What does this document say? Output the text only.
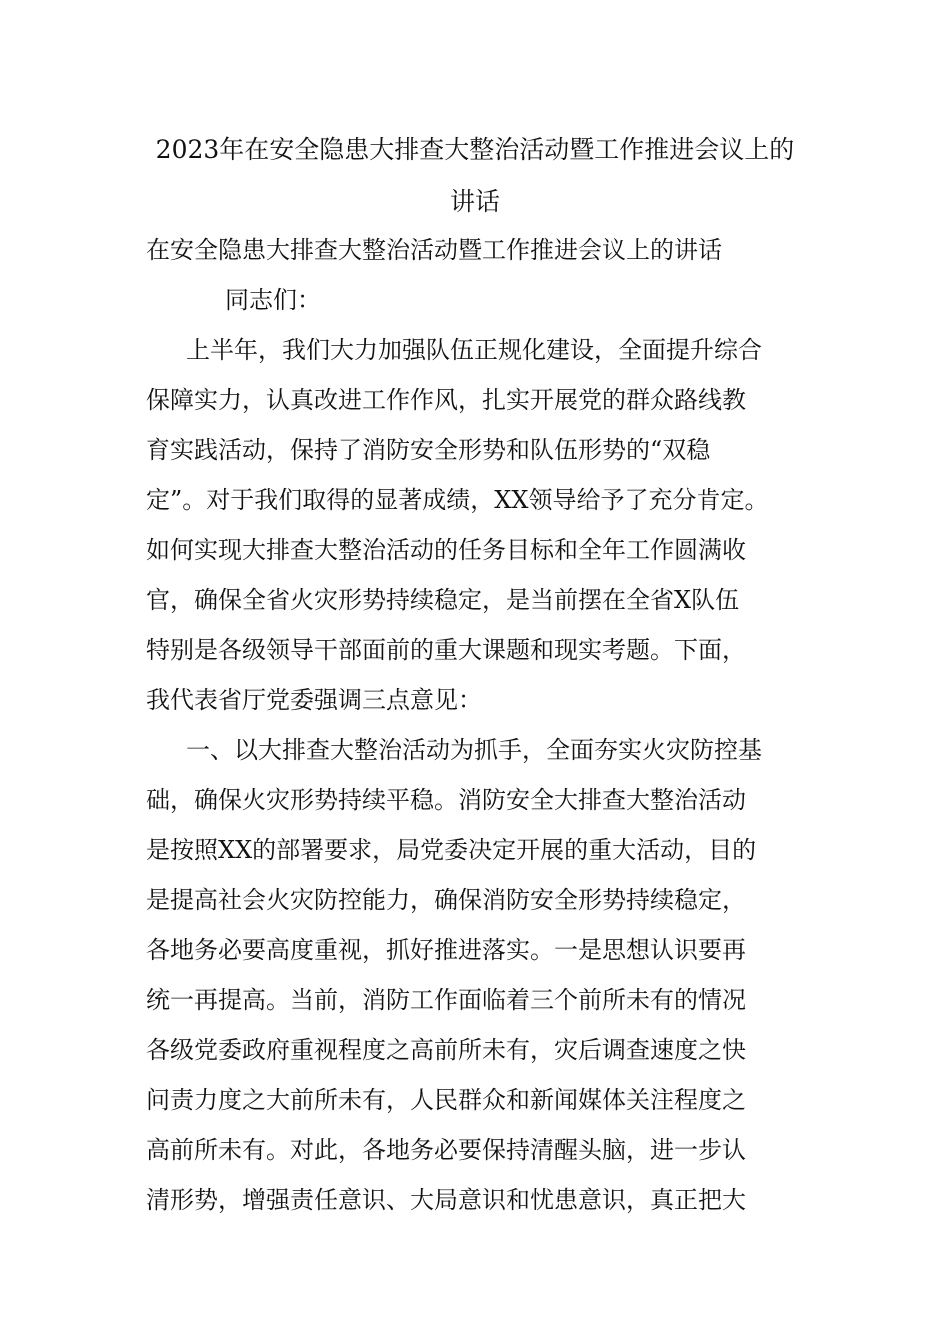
2023年在安全隐患大排查大整治活动暨工作推进会议上的
讲话
在安全隐患大排查大整治活动暨工作推进会议上的讲话
同志们：
上半年，我们大力加强队伍正规化建设，全面提升综合
保障实力，认真改进工作作风，扎实开展党的群众路线教
育实践活动，保持了消防安全形势和队伍形势的“双稳
定”。对于我们取得的显著成绩，XX领导给予了充分肯定。
如何实现大排查大整治活动的任务目标和全年工作圆满收
官，确保全省火灾形势持续稳定，是当前摆在全省X队伍
特别是各级领导干部面前的重大课题和现实考题。下面，
我代表省厅党委强调三点意见：
一、以大排查大整治活动为抓手，全面夯实火灾防控基
础，确保火灾形势持续平稳。消防安全大排查大整治活动
是按照XX的部署要求，局党委决定开展的重大活动，目的
是提高社会火灾防控能力，确保消防安全形势持续稳定，
各地务必要高度重视，抓好推进落实。一是思想认识要再
统一再提高。当前，消防工作面临着三个前所未有的情况
各级党委政府重视程度之高前所未有，灾后调查速度之快
问责力度之大前所未有，人民群众和新闻媒体关注程度之
高前所未有。对此，各地务必要保持清醒头脑，进一步认
清形势，增强责任意识、大局意识和忧患意识，真正把大
